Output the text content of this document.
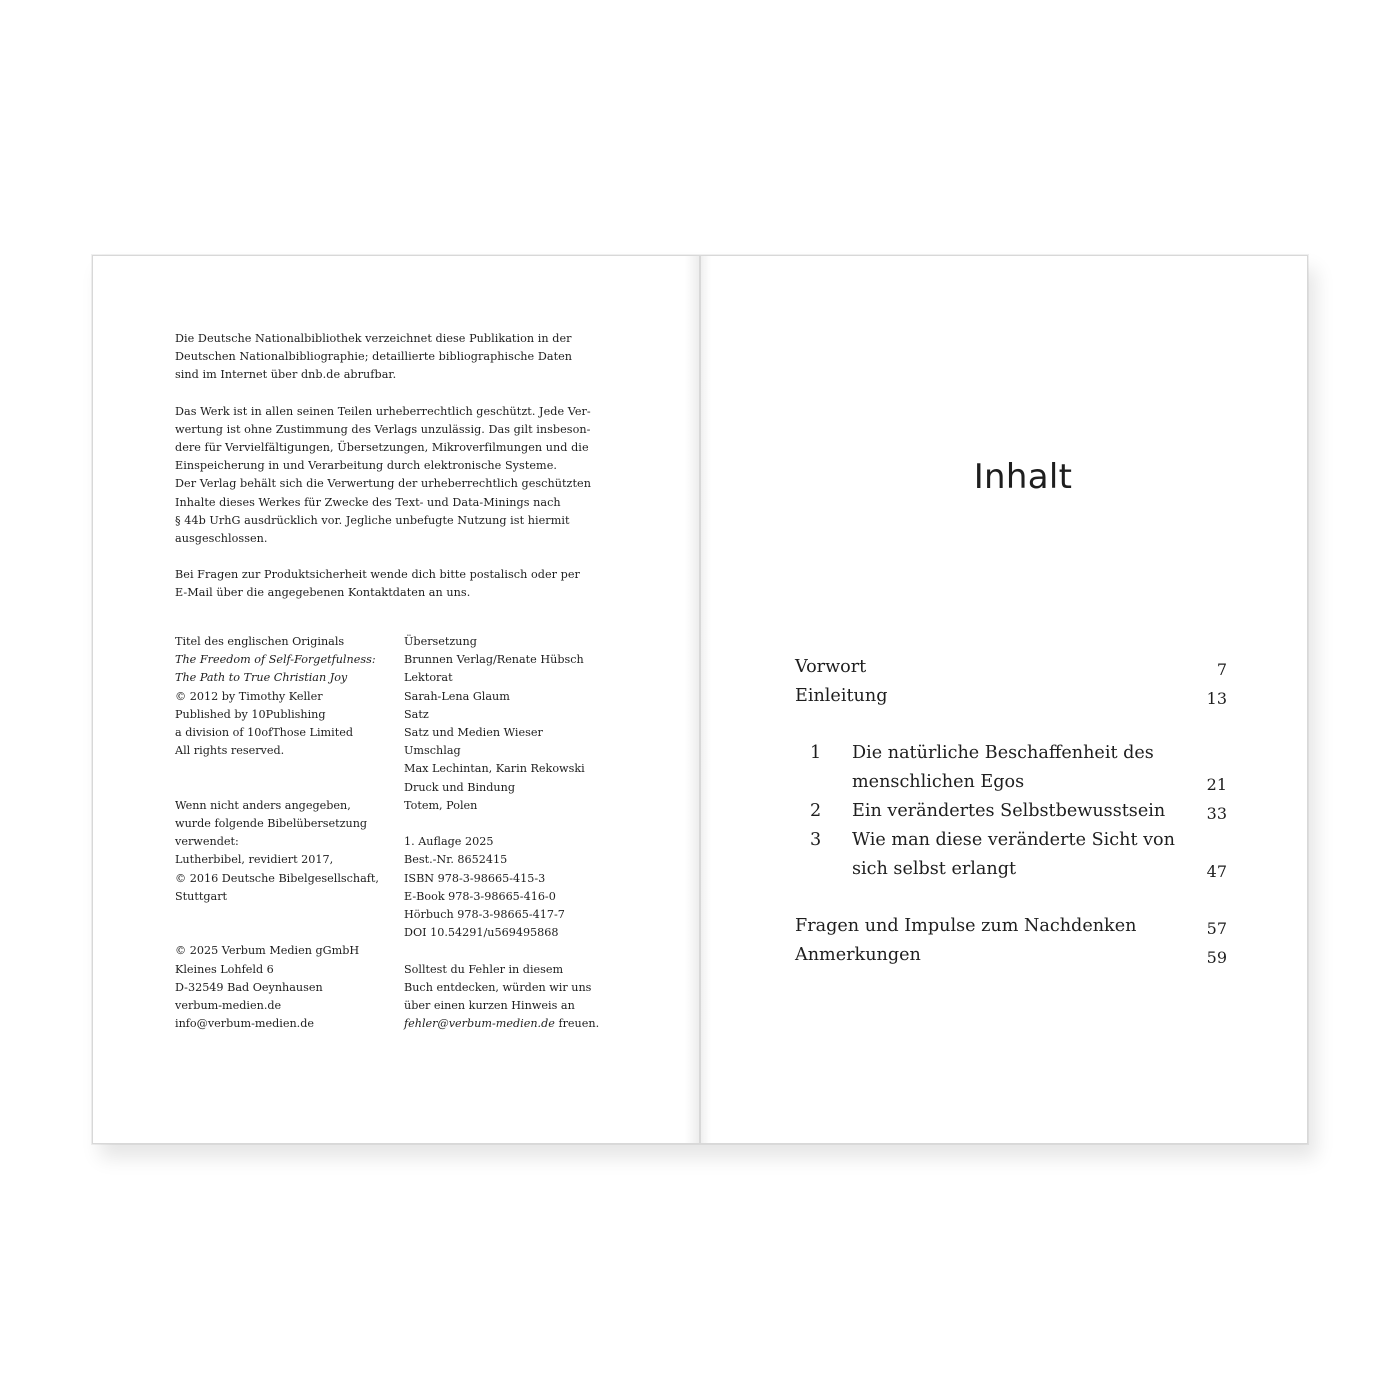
Die Deutsche Nationalbibliothek verzeichnet diese Publikation in der
Deutschen Nationalbibliographie; detaillierte bibliographische Daten
sind im Internet über dnb.de abrufbar.

Das Werk ist in allen seinen Teilen urheberrechtlich geschützt. Jede Ver-
wertung ist ohne Zustimmung des Verlags unzulässig. Das gilt insbeson-
dere für Vervielfältigungen, Übersetzungen, Mikroverfilmungen und die
Einspeicherung in und Verarbeitung durch elektronische Systeme.
Der Verlag behält sich die Verwertung der urheberrechtlich geschützten
Inhalte dieses Werkes für Zwecke des Text- und Data-Minings nach
§ 44b UrhG ausdrücklich vor. Jegliche unbefugte Nutzung ist hiermit
ausgeschlossen.

Bei Fragen zur Produktsicherheit wende dich bitte postalisch oder per
E-Mail über die angegebenen Kontaktdaten an uns.

Titel des englischen Originals
The Freedom of Self-Forgetfulness:
The Path to True Christian Joy
© 2012 by Timothy Keller
Published by 10Publishing
a division of 10ofThose Limited
All rights reserved.
Wenn nicht anders angegeben,
wurde folgende Bibelübersetzung
verwendet:
Lutherbibel, revidiert 2017,
© 2016 Deutsche Bibelgesellschaft,
Stuttgart
© 2025 Verbum Medien gGmbH
Kleines Lohfeld 6
D-32549 Bad Oeynhausen
verbum-medien.de
info@verbum-medien.de
Übersetzung
Brunnen Verlag/Renate Hübsch
Lektorat
Sarah-Lena Glaum
Satz
Satz und Medien Wieser
Umschlag
Max Lechintan, Karin Rekowski
Druck und Bindung
Totem, Polen
1. Auflage 2025
Best.-Nr. 8652415
ISBN 978-3-98665-415-3
E-Book 978-3-98665-416-0
Hörbuch 978-3-98665-417-7
DOI 10.54291/u569495868
Solltest du Fehler in diesem
Buch entdecken, würden wir uns
über einen kurzen Hinweis an
fehler@verbum-medien.de freuen.
Inhalt
Vorwort	7
Einleitung	13
1 Die natürliche Beschaffenheit des
menschlichen Egos	21
2 Ein verändertes Selbstbewusstsein	33
3 Wie man diese veränderte Sicht von
sich selbst erlangt	47
Fragen und Impulse zum Nachdenken	57
Anmerkungen	59
